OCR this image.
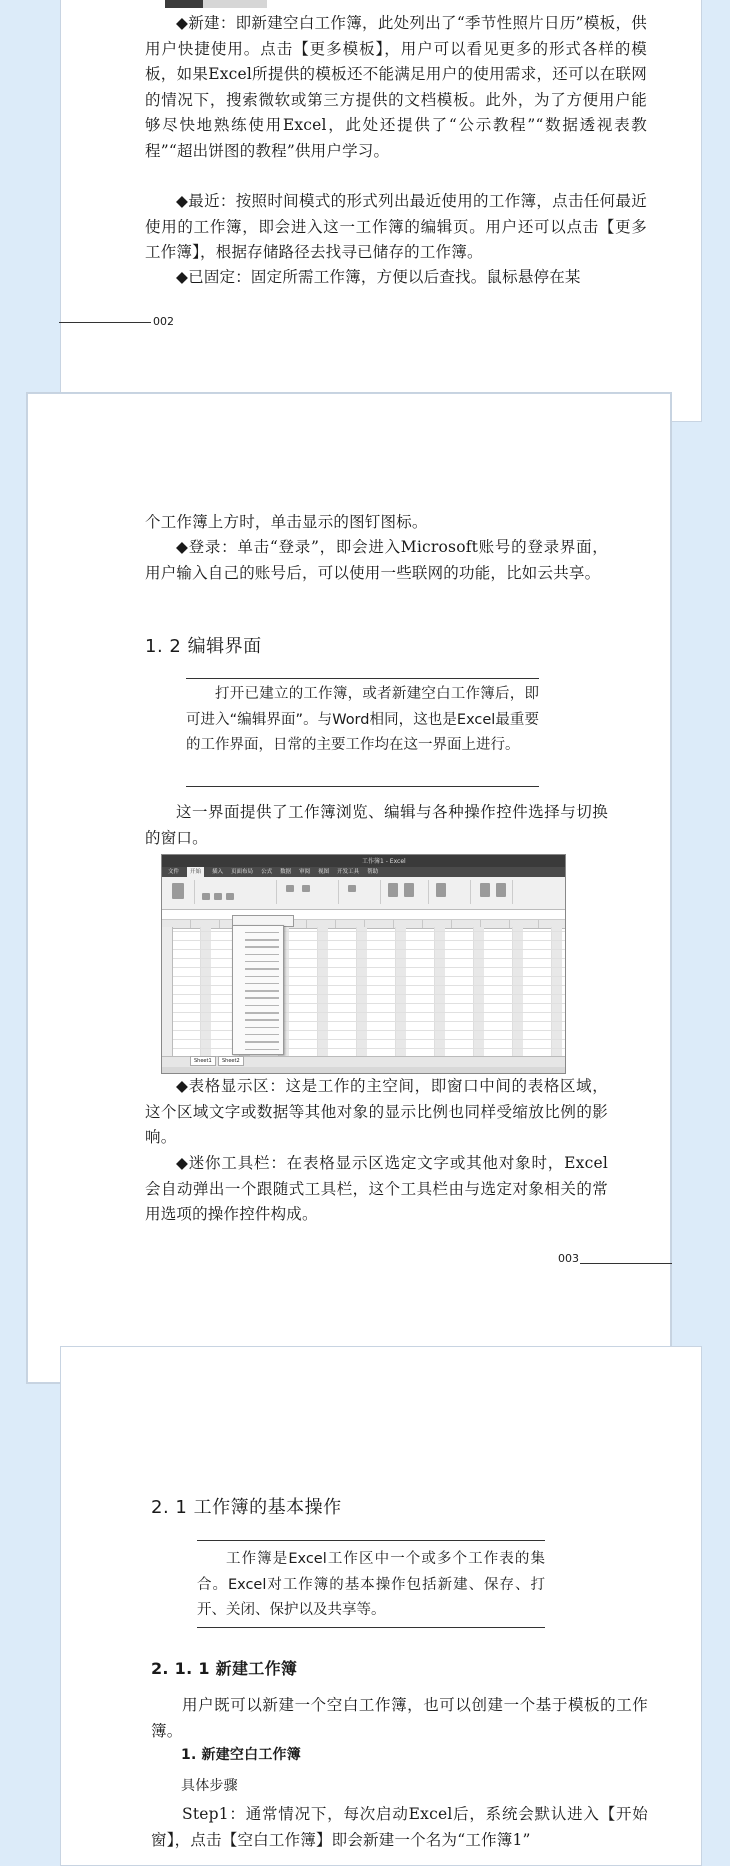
◆新建：即新建空白工作簿，此处列出了“季节性照片日历”模板，供用户快捷使用。点击【更多模板】，用户可以看见更多的形式各样的模板，如果Excel所提供的模板还不能满足用户的使用需求，还可以在联网的情况下，搜索微软或第三方提供的文档模板。此外，为了方便用户能够尽快地熟练使用Excel，此处还提供了“公示教程”“数据透视表教程”“超出饼图的教程”供用户学习。

◆最近：按照时间模式的形式列出最近使用的工作簿，点击任何最近使用的工作簿，即会进入这一工作簿的编辑页。用户还可以点击【更多工作簿】，根据存储路径去找寻已储存的工作簿。

◆已固定：固定所需工作簿，方便以后查找。鼠标悬停在某

002

个工作簿上方时，单击显示的图钉图标。

◆登录：单击“登录”，即会进入Microsoft账号的登录界面，用户输入自己的账号后，可以使用一些联网的功能，比如云共享。

1. 2 编辑界面

打开已建立的工作簿，或者新建空白工作簿后，即可进入“编辑界面”。与Word相同，这也是Excel最重要的工作界面，日常的主要工作均在这一界面上进行。

这一界面提供了工作簿浏览、编辑与各种操作控件选择与切换的窗口。

工作簿1 - Excel
文件	开始	插入 页面布局 公式 数据 审阅 视图 开发工具 帮助
Sheet1	Sheet2

◆表格显示区：这是工作的主空间，即窗口中间的表格区域，这个区域文字或数据等其他对象的显示比例也同样受缩放比例的影响。

◆迷你工具栏：在表格显示区选定文字或其他对象时，Excel会自动弹出一个跟随式工具栏，这个工具栏由与选定对象相关的常用选项的操作控件构成。

003
2. 1 工作簿的基本操作

工作簿是Excel工作区中一个或多个工作表的集合。Excel对工作簿的基本操作包括新建、保存、打开、关闭、保护以及共享等。

2. 1. 1 新建工作簿

用户既可以新建一个空白工作簿，也可以创建一个基于模板的工作簿。

1. 新建空白工作簿

具体步骤

Step1：通常情况下，每次启动Excel后，系统会默认进入【开始窗】，点击【空白工作簿】即会新建一个名为“工作簿1”
